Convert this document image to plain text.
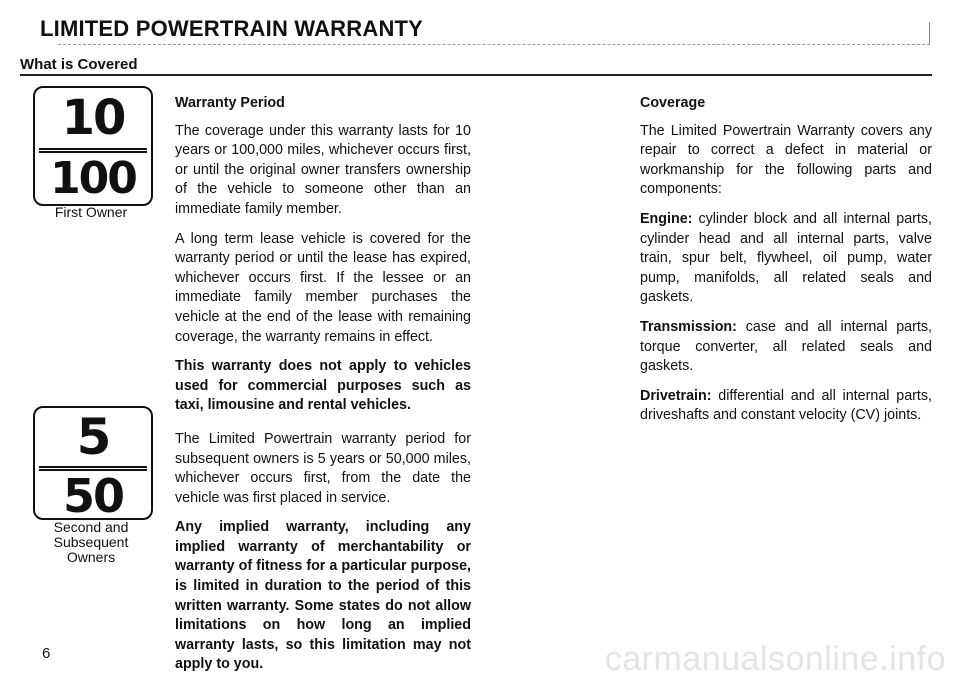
LIMITED POWERTRAIN WARRANTY
What is Covered
10
100
First Owner
5
50
Second and
Subsequent
Owners

Warranty Period

The coverage under this warranty lasts for 10 years or 100,000 miles, whichever occurs first, or until the original owner transfers ownership of the vehicle to someone other than an immediate family member.

A long term lease vehicle is covered for the warranty period or until the lease has expired, whichever occurs first. If the lessee or an immediate family member purchases the vehicle at the end of the lease with remaining coverage, the warranty remains in effect.

This warranty does not apply to vehicles used for commercial purposes such as taxi, limousine and rental vehicles.

The Limited Powertrain warranty period for subsequent owners is 5 years or 50,000 miles, whichever occurs first, from the date the vehicle was first placed in service.

Any implied warranty, including any implied warranty of merchantability or warranty of fitness for a particular purpose, is limited in duration to the period of this written warranty. Some states do not allow limitations on how long an implied warranty lasts, so this limitation may not apply to you.

Coverage

The Limited Powertrain Warranty covers any repair to correct a defect in material or workmanship for the following parts and components:

Engine: cylinder block and all internal parts, cylinder head and all internal parts, valve train, spur belt, flywheel, oil pump, water pump, manifolds, all related seals and gaskets.

Transmission: case and all internal parts, torque converter, all related seals and gaskets.

Drivetrain: differential and all internal parts, driveshafts and constant velocity (CV) joints.

6	carmanualsonline.info
